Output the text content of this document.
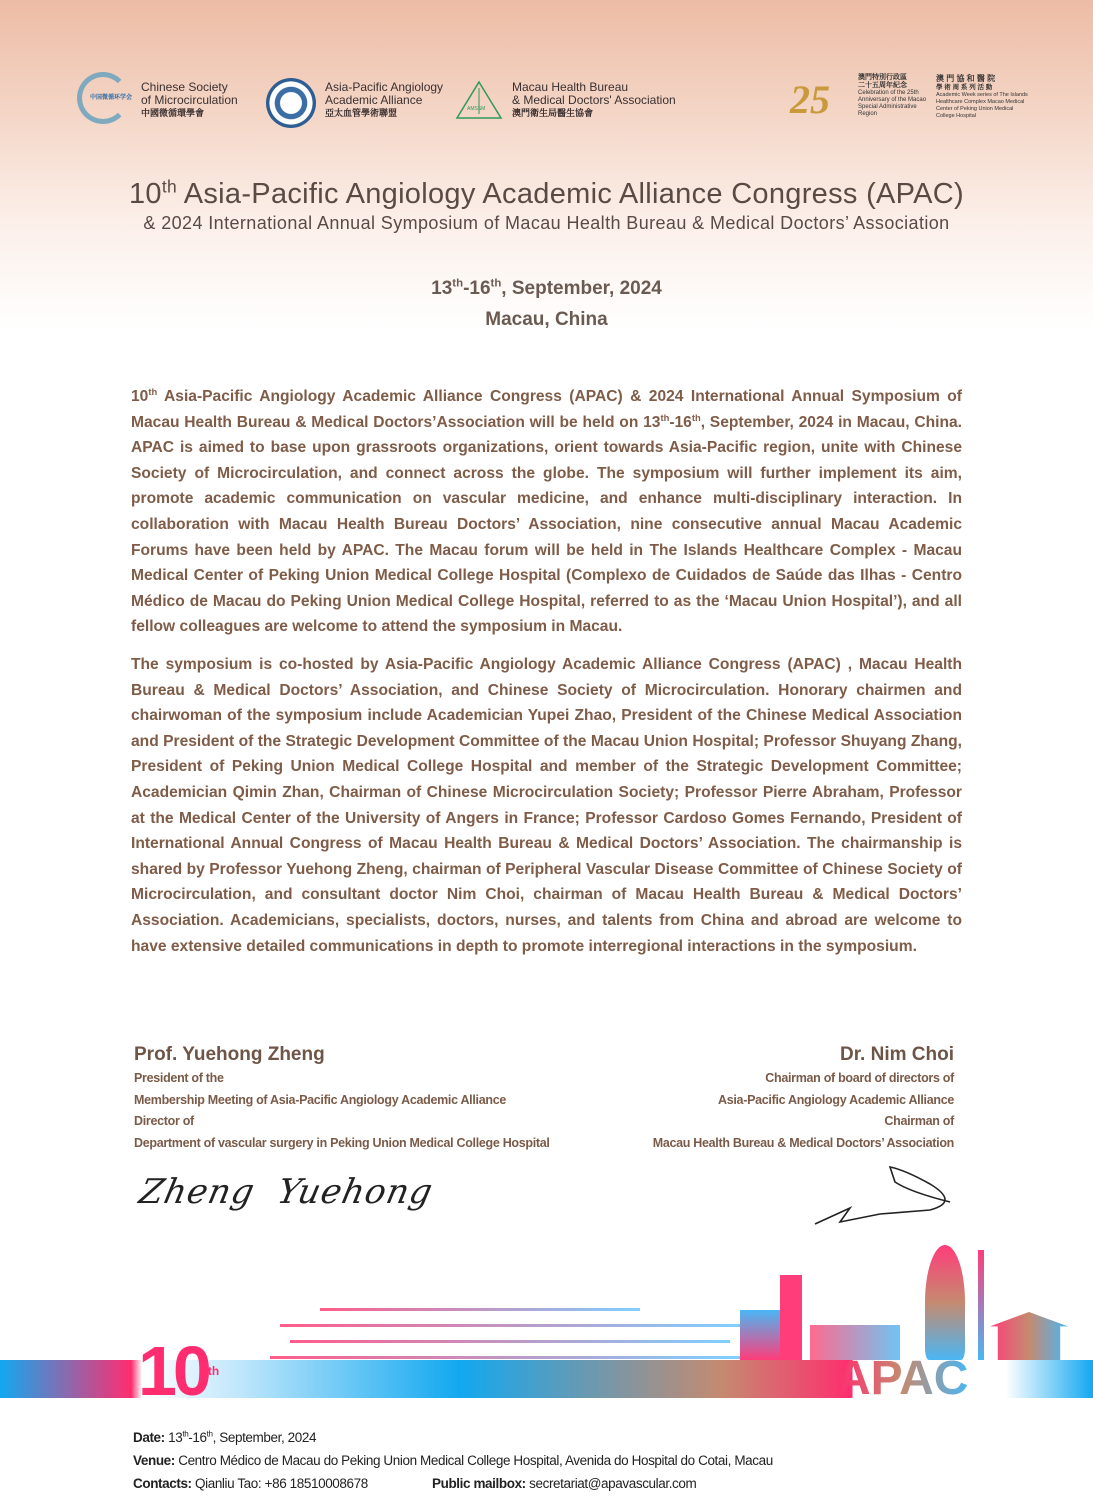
中国微循环学会
Chinese Society
of Microcirculation
中國微循環學會
Asia-Pacific Angiology
Academic Alliance
亞太血管學術聯盟	AMSSM
Macau Health Bureau
& Medical Doctors' Association
澳門衛生局醫生協會	25	澳門特別行政區
二十五周年紀念
Celebration of the 25th Anniversary of the Macao Special Administrative Region
澳 門 協 和 醫 院
學 術 周 系 列 活 動
Academic Week series of The Islands Healthcare Complex Macao Medical Center of Peking Union Medical College Hospital
10th Asia-Pacific Angiology Academic Alliance Congress (APAC)
& 2024 International Annual Symposium of Macau Health Bureau & Medical Doctors’ Association
13th-16th, September, 2024
Macau, China

10th Asia-Pacific Angiology Academic Alliance Congress (APAC) & 2024 International Annual Symposium of Macau Health Bureau & Medical Doctors’Association will be held on 13th-16th, September, 2024 in Macau, China. APAC is aimed to base upon grassroots organizations, orient towards Asia-Pacific region, unite with Chinese Society of Microcirculation, and connect across the globe. The symposium will further implement its aim, promote academic communication on vascular medicine, and enhance multi-disciplinary interaction. In collaboration with Macau Health Bureau Doctors’ Association, nine consecutive annual Macau Academic Forums have been held by APAC. The Macau forum will be held in The Islands Healthcare Complex - Macau Medical Center of Peking Union Medical College Hospital (Complexo de Cuidados de Saúde das Ilhas - Centro Médico de Macau do Peking Union Medical College Hospital, referred to as the ‘Macau Union Hospital’), and all fellow colleagues are welcome to attend the symposium in Macau.

The symposium is co-hosted by Asia-Pacific Angiology Academic Alliance Congress (APAC) , Macau Health Bureau & Medical Doctors’ Association, and Chinese Society of Microcirculation. Honorary chairmen and chairwoman of the symposium include Academician Yupei Zhao, President of the Chinese Medical Association and President of the Strategic Development Committee of the Macau Union Hospital; Professor Shuyang Zhang, President of Peking Union Medical College Hospital and member of the Strategic Development Committee; Academician Qimin Zhan, Chairman of Chinese Microcirculation Society; Professor Pierre Abraham, Professor at the Medical Center of the University of Angers in France; Professor Cardoso Gomes Fernando, President of International Annual Congress of Macau Health Bureau & Medical Doctors’ Association. The chairmanship is shared by Professor Yuehong Zheng, chairman of Peripheral Vascular Disease Committee of Chinese Society of Microcirculation, and consultant doctor Nim Choi, chairman of Macau Health Bureau & Medical Doctors’ Association. Academicians, specialists, doctors, nurses, and talents from China and abroad are welcome to have extensive detailed communications in depth to promote interregional interactions in the symposium.

Prof. Yuehong Zheng
President of the
Membership Meeting of Asia-Pacific Angiology Academic Alliance
Director of
Department of vascular surgery in Peking Union Medical College Hospital
Zheng  Yuehong
Dr. Nim Choi
Chairman of board of directors of
Asia-Pacific Angiology Academic Alliance
Chairman of
Macau Health Bureau & Medical Doctors’ Association
10th	APAC
Date: 13th-16th, September, 2024
Venue: Centro Médico de Macau do Peking Union Medical College Hospital, Avenida do Hospital do Cotai, Macau
Contacts: Qianliu Tao: +86 18510008678	Public mailbox: secretariat@apavascular.com
